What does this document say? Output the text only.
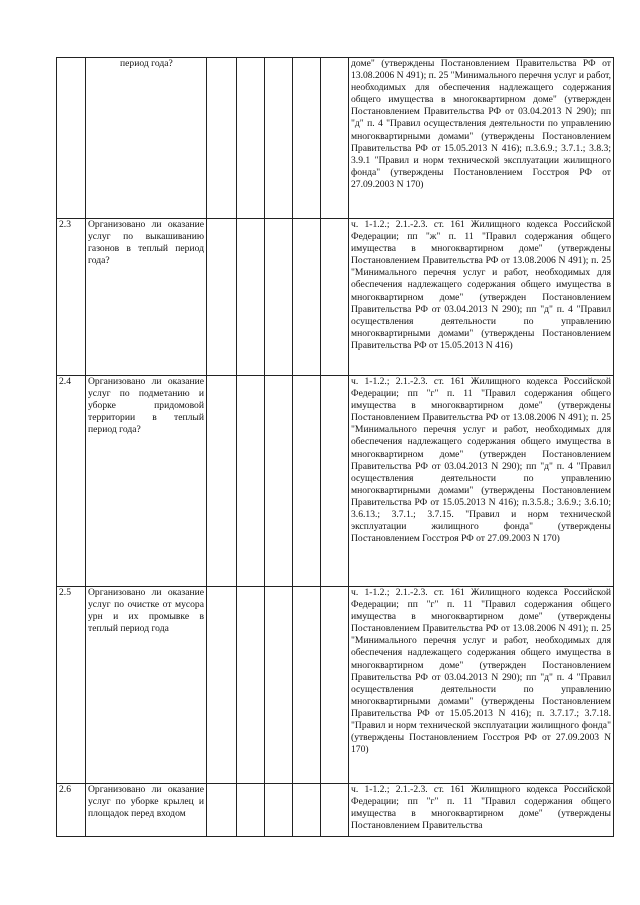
	период года?						доме" (утверждены Постановлением Правительства РФ от 13.08.2006 N 491); п. 25 "Минимального перечня услуг и работ, необходимых для обеспечения надлежащего содержания общего имущества в многоквартирном доме" (утвержден Постановлением Правительства РФ от 03.04.2013 N 290); пп "д" п. 4 "Правил осуществления деятельности по управлению многоквартирными домами" (утверждены Постановлением Правительства РФ от 15.05.2013 N 416); п.3.6.9.; 3.7.1.; 3.8.3; 3.9.1 "Правил и норм технической эксплуатации жилищного фонда" (утверждены Постановлением Госстроя РФ от 27.09.2003 N 170)

2.3	Организовано ли оказание услуг по выкашиванию газонов в теплый период года?						ч. 1-1.2.; 2.1.-2.3. ст. 161 Жилищного кодекса Российской Федерации; пп "ж" п. 11 "Правил содержания общего имущества в многоквартирном доме" (утверждены Постановлением Правительства РФ от 13.08.2006 N 491); п. 25 "Минимального перечня услуг и работ, необходимых для обеспечения надлежащего содержания общего имущества в многоквартирном доме" (утвержден Постановлением Правительства РФ от 03.04.2013 N 290); пп "д" п. 4 "Правил осуществления деятельности по управлению многоквартирными домами" (утверждены Постановлением Правительства РФ от 15.05.2013 N 416)

2.4	Организовано ли оказание услуг по подметанию и уборке придомовой территории в теплый период года?						ч. 1-1.2.; 2.1.-2.3. ст. 161 Жилищного кодекса Российской Федерации; пп "г" п. 11 "Правил содержания общего имущества в многоквартирном доме" (утверждены Постановлением Правительства РФ от 13.08.2006 N 491); п. 25 "Минимального перечня услуг и работ, необходимых для обеспечения надлежащего содержания общего имущества в многоквартирном доме" (утвержден Постановлением Правительства РФ от 03.04.2013 N 290); пп "д" п. 4 "Правил осуществления деятельности по управлению многоквартирными домами" (утверждены Постановлением Правительства РФ от 15.05.2013 N 416); п.3.5.8.; 3.6.9.; 3.6.10; 3.6.13.; 3.7.1.; 3.7.15. "Правил и норм технической эксплуатации жилищного фонда" (утверждены Постановлением Госстроя РФ от 27.09.2003 N 170)

2.5	Организовано ли оказание услуг по очистке от мусора урн и их промывке в теплый период года						ч. 1-1.2.; 2.1.-2.3. ст. 161 Жилищного кодекса Российской Федерации; пп "г" п. 11 "Правил содержания общего имущества в многоквартирном доме" (утверждены Постановлением Правительства РФ от 13.08.2006 N 491); п. 25 "Минимального перечня услуг и работ, необходимых для обеспечения надлежащего содержания общего имущества в многоквартирном доме" (утвержден Постановлением Правительства РФ от 03.04.2013 N 290); пп "д" п. 4 "Правил осуществления деятельности по управлению многоквартирными домами" (утверждены Постановлением Правительства РФ от 15.05.2013 N 416); п. 3.7.17.; 3.7.18. "Правил и норм технической эксплуатации жилищного фонда" (утверждены Постановлением Госстроя РФ от 27.09.2003 N 170)

2.6	Организовано ли оказание услуг по уборке крылец и площадок перед входом						ч. 1-1.2.; 2.1.-2.3. ст. 161 Жилищного кодекса Российской Федерации; пп "г" п. 11 "Правил содержания общего имущества в многоквартирном доме" (утверждены Постановлением Правительства
